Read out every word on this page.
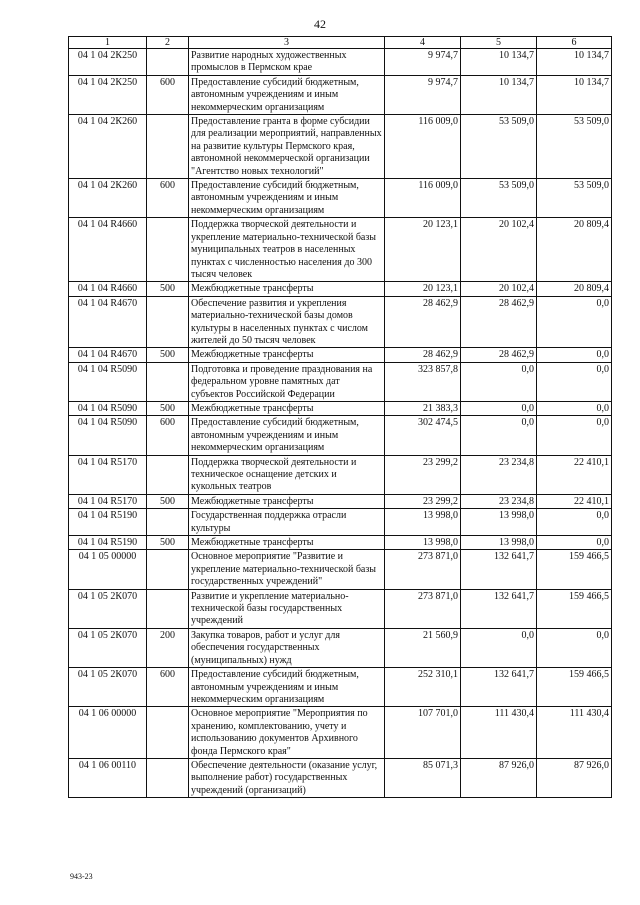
42
1	2	3	4	5	6
04 1 04 2К250		Развитие народных художественных промыслов в Пермском крае	9 974,7	10 134,7	10 134,7
04 1 04 2К250	600	Предоставление субсидий бюджетным, автономным учреждениям и иным некоммерческим организациям	9 974,7	10 134,7	10 134,7
04 1 04 2К260		Предоставление гранта в форме субсидии для реализации мероприятий, направленных на развитие культуры Пермского края, автономной некоммерческой организации "Агентство новых технологий"	116 009,0	53 509,0	53 509,0
04 1 04 2К260	600	Предоставление субсидий бюджетным, автономным учреждениям и иным некоммерческим организациям	116 009,0	53 509,0	53 509,0
04 1 04 R4660		Поддержка творческой деятельности и укрепление материально-технической базы муниципальных театров в населенных пунктах с численностью населения до 300 тысяч человек	20 123,1	20 102,4	20 809,4
04 1 04 R4660	500	Межбюджетные трансферты	20 123,1	20 102,4	20 809,4
04 1 04 R4670		Обеспечение развития и укрепления материально-технической базы домов культуры в населенных пунктах с числом жителей до 50 тысяч человек	28 462,9	28 462,9	0,0
04 1 04 R4670	500	Межбюджетные трансферты	28 462,9	28 462,9	0,0
04 1 04 R5090		Подготовка и проведение празднования на федеральном уровне памятных дат субъектов Российской Федерации	323 857,8	0,0	0,0
04 1 04 R5090	500	Межбюджетные трансферты	21 383,3	0,0	0,0
04 1 04 R5090	600	Предоставление субсидий бюджетным, автономным учреждениям и иным некоммерческим организациям	302 474,5	0,0	0,0
04 1 04 R5170		Поддержка творческой деятельности и техническое оснащение детских и кукольных театров	23 299,2	23 234,8	22 410,1
04 1 04 R5170	500	Межбюджетные трансферты	23 299,2	23 234,8	22 410,1
04 1 04 R5190		Государственная поддержка отрасли культуры	13 998,0	13 998,0	0,0
04 1 04 R5190	500	Межбюджетные трансферты	13 998,0	13 998,0	0,0
04 1 05 00000		Основное мероприятие "Развитие и укрепление материально-технической базы государственных учреждений"	273 871,0	132 641,7	159 466,5
04 1 05 2К070		Развитие и укрепление материально-технической базы государственных учреждений	273 871,0	132 641,7	159 466,5
04 1 05 2К070	200	Закупка товаров, работ и услуг для обеспечения государственных (муниципальных) нужд	21 560,9	0,0	0,0
04 1 05 2К070	600	Предоставление субсидий бюджетным, автономным учреждениям и иным некоммерческим организациям	252 310,1	132 641,7	159 466,5
04 1 06 00000		Основное мероприятие "Мероприятия по хранению, комплектованию, учету и использованию документов Архивного фонда Пермского края"	107 701,0	111 430,4	111 430,4
04 1 06 00110		Обеспечение деятельности (оказание услуг, выполнение работ) государственных учреждений (организаций)	85 071,3	87 926,0	87 926,0
943-23
